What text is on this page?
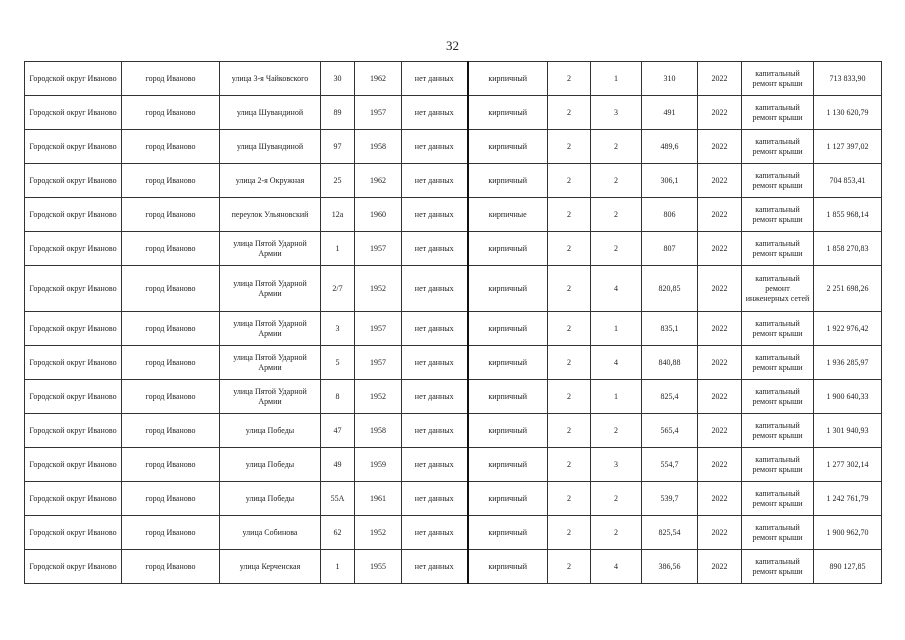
32
Городской округ Иваново	город Иваново	улица 3-я Чайковского	30	1962	нет данных	кирпичный	2	1	310	2022	капитальный ремонт крыши	713 833,90
Городской округ Иваново	город Иваново	улица Шувандиной	89	1957	нет данных	кирпичный	2	3	491	2022	капитальный ремонт крыши	1 130 620,79
Городской округ Иваново	город Иваново	улица Шувандиной	97	1958	нет данных	кирпичный	2	2	489,6	2022	капитальный ремонт крыши	1 127 397,02
Городской округ Иваново	город Иваново	улица 2-я Окружная	25	1962	нет данных	кирпичный	2	2	306,1	2022	капитальный ремонт крыши	704 853,41
Городской округ Иваново	город Иваново	переулок Ульяновский	12а	1960	нет данных	кирпичные	2	2	806	2022	капитальный ремонт крыши	1 855 968,14
Городской округ Иваново	город Иваново	улица Пятой Ударной Армии	1	1957	нет данных	кирпичный	2	2	807	2022	капитальный ремонт крыши	1 858 270,83
Городской округ Иваново	город Иваново	улица Пятой Ударной Армии	2/7	1952	нет данных	кирпичный	2	4	820,85	2022	капитальный ремонт инженерных сетей	2 251 698,26
Городской округ Иваново	город Иваново	улица Пятой Ударной Армии	3	1957	нет данных	кирпичный	2	1	835,1	2022	капитальный ремонт крыши	1 922 976,42
Городской округ Иваново	город Иваново	улица Пятой Ударной Армии	5	1957	нет данных	кирпичный	2	4	840,88	2022	капитальный ремонт крыши	1 936 285,97
Городской округ Иваново	город Иваново	улица Пятой Ударной Армии	8	1952	нет данных	кирпичный	2	1	825,4	2022	капитальный ремонт крыши	1 900 640,33
Городской округ Иваново	город Иваново	улица Победы	47	1958	нет данных	кирпичный	2	2	565,4	2022	капитальный ремонт крыши	1 301 940,93
Городской округ Иваново	город Иваново	улица Победы	49	1959	нет данных	кирпичный	2	3	554,7	2022	капитальный ремонт крыши	1 277 302,14
Городской округ Иваново	город Иваново	улица Победы	55А	1961	нет данных	кирпичный	2	2	539,7	2022	капитальный ремонт крыши	1 242 761,79
Городской округ Иваново	город Иваново	улица Собинова	62	1952	нет данных	кирпичный	2	2	825,54	2022	капитальный ремонт крыши	1 900 962,70
Городской округ Иваново	город Иваново	улица Керченская	1	1955	нет данных	кирпичный	2	4	386,56	2022	капитальный ремонт крыши	890 127,85
